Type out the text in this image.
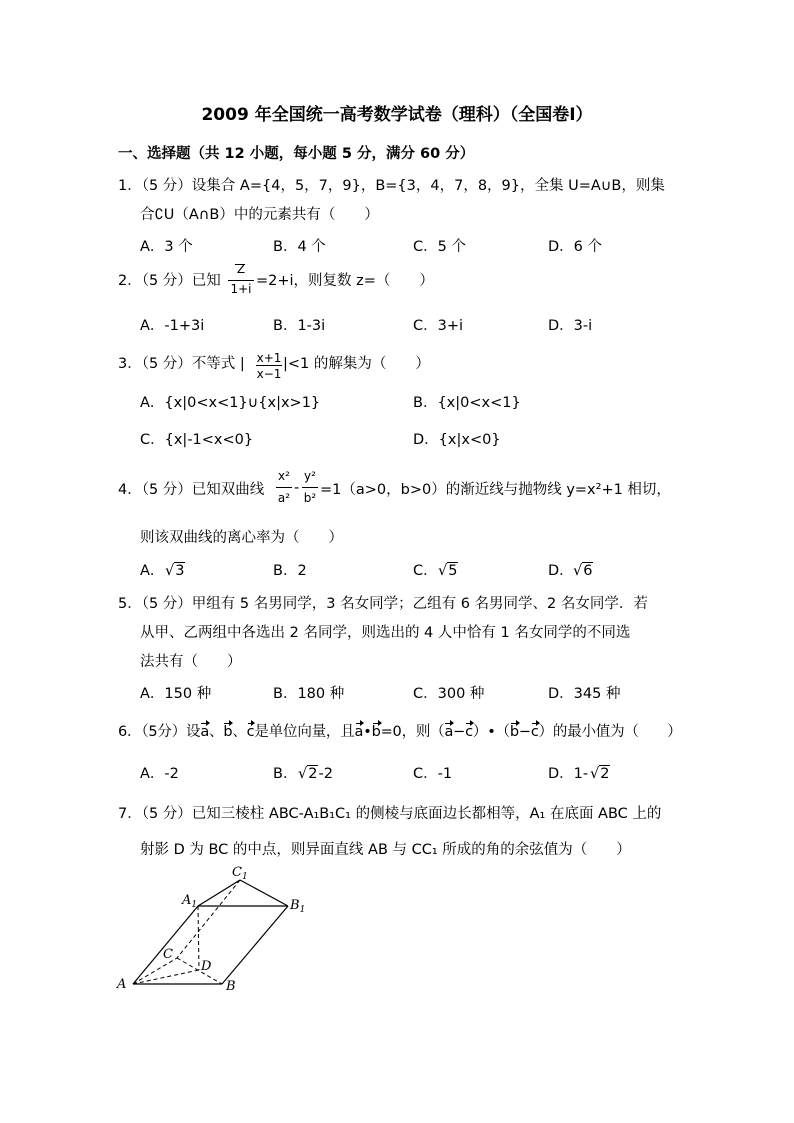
2009 年全国统一高考数学试卷（理科）（全国卷Ⅰ）
一、选择题（共 12 小题，每小题 5 分，满分 60 分）
1．（5 分）设集合 A={4，5，7，9}，B={3，4，7，8，9}，全集 U=A∪B，则集
合∁U（A∩B）中的元素共有（　　）
A．3 个	B．4 个	C．5 个	D．6 个
2．（5 分）已知
Z
1+i =2+i，则复数 z=（　　）
A．-1+3i	B．1-3i	C．3+i	D．3-i
3．（5 分）不等式 | x+1
x−1
|<1 的解集为（　　）
A．{x|0<x<1}∪{x|x>1}	B．{x|0<x<1}
C．{x|-1<x<0}	D．{x|x<0}
4．（5 分）已知双曲线
x²
a²
-
y²
b² =1（a>0，b>0）的渐近线与抛物线 y=x²+1 相切，
则该双曲线的离心率为（　　）
A． √3	B．2	C． √5	D． √6
5．（5 分）甲组有 5 名男同学，3 名女同学；乙组有 6 名男同学、2 名女同学．若
从甲、乙两组中各选出 2 名同学，则选出的 4 人中恰有 1 名女同学的不同选
法共有（　　）
A．150 种	B．180 种	C．300 种	D．345 种
6．（5分）设a、b、c是单位向量，且a•b=0，则（a−c）•（b−c）的最小值为（　　）
A．-2	B． √2-2	C．-1	D．1- √2
7．（5 分）已知三棱柱 ABC-A₁B₁C₁ 的侧棱与底面边长都相等，A₁ 在底面 ABC 上的
射影 D 为 BC 的中点，则异面直线 AB 与 CC₁ 所成的角的余弦值为（　　）
A	B
C
D
$A_1$	$B_1$
$C_1$
